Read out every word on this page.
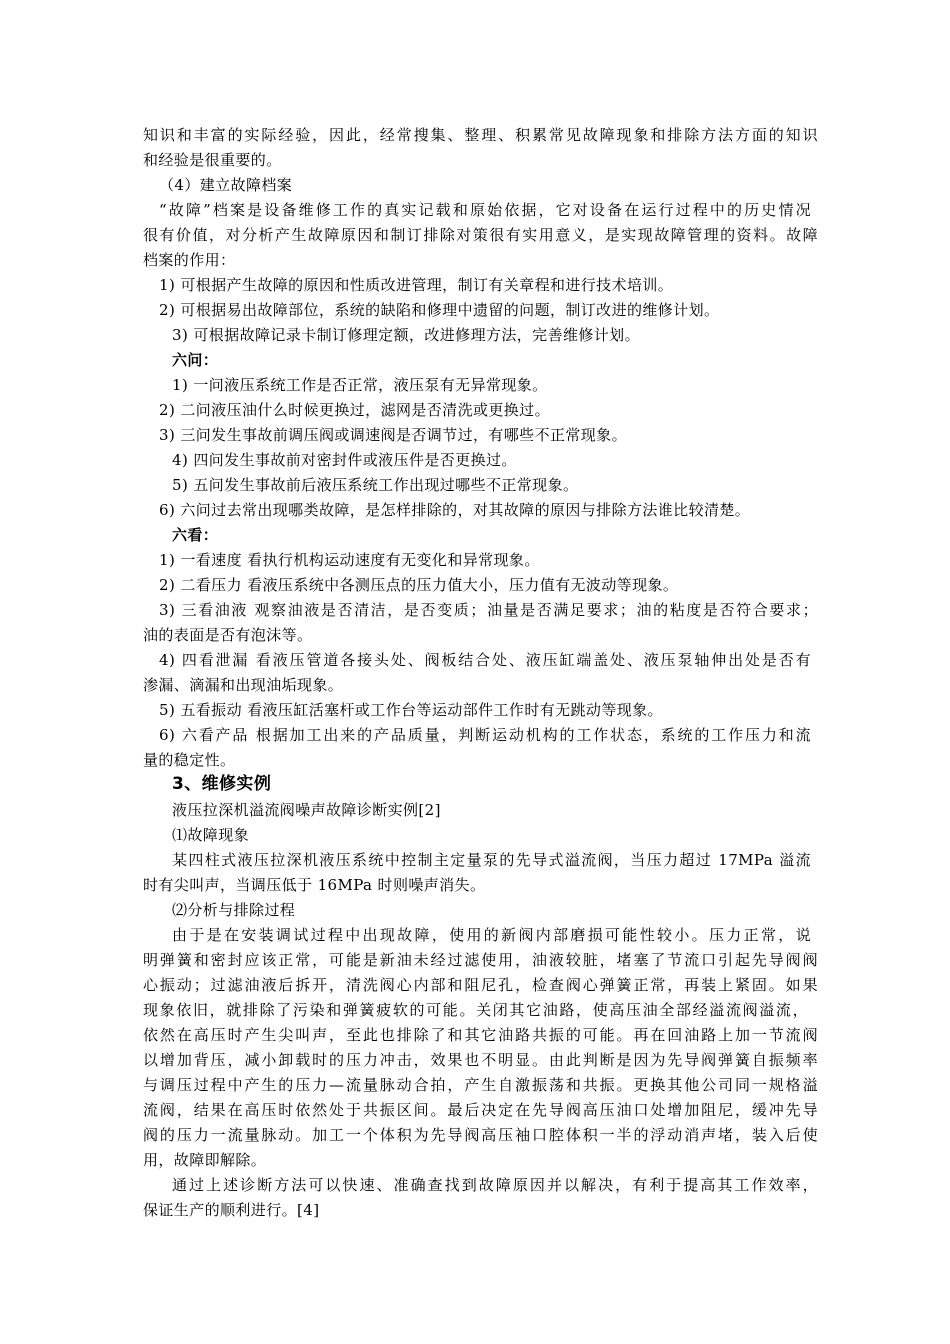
知识和丰富的实际经验，因此，经常搜集、整理、积累常见故障现象和排除方法方面的知识
和经验是很重要的。
（4）建立故障档案
“故障”档案是设备维修工作的真实记载和原始依据，它对设备在运行过程中的历史情况
很有价值，对分析产生故障原因和制订排除对策很有实用意义，是实现故障管理的资料。故障
档案的作用：
1) 可根据产生故障的原因和性质改进管理，制订有关章程和进行技术培训。
2) 可根据易出故障部位，系统的缺陷和修理中遗留的问题，制订改进的维修计划。
3) 可根据故障记录卡制订修理定额，改进修理方法，完善维修计划。
六问：
1) 一问液压系统工作是否正常，液压泵有无异常现象。
2) 二问液压油什么时候更换过，滤网是否清洗或更换过。
3) 三问发生事故前调压阀或调速阀是否调节过，有哪些不正常现象。
4) 四问发生事故前对密封件或液压件是否更换过。
5) 五问发生事故前后液压系统工作出现过哪些不正常现象。
6) 六问过去常出现哪类故障，是怎样排除的，对其故障的原因与排除方法谁比较清楚。
六看：
1) 一看速度 看执行机构运动速度有无变化和异常现象。
2) 二看压力 看液压系统中各测压点的压力值大小，压力值有无波动等现象。
3) 三看油液 观察油液是否清洁，是否变质；油量是否满足要求；油的粘度是否符合要求；
油的表面是否有泡沫等。
4) 四看泄漏 看液压管道各接头处、阀板结合处、液压缸端盖处、液压泵轴伸出处是否有
渗漏、滴漏和出现油垢现象。
5) 五看振动 看液压缸活塞杆或工作台等运动部件工作时有无跳动等现象。
6) 六看产品 根据加工出来的产品质量，判断运动机构的工作状态，系统的工作压力和流
量的稳定性。
3、维修实例
液压拉深机溢流阀噪声故障诊断实例[2]
⑴故障现象
某四柱式液压拉深机液压系统中控制主定量泵的先导式溢流阀，当压力超过 17MPa 溢流
时有尖叫声，当调压低于 16MPa 时则噪声消失。
⑵分析与排除过程
由于是在安装调试过程中出现故障，使用的新阀内部磨损可能性较小。压力正常，说
明弹簧和密封应该正常，可能是新油未经过滤使用，油液较脏，堵塞了节流口引起先导阀阀
心振动；过滤油液后拆开，清洗阀心内部和阻尼孔，检查阀心弹簧正常，再装上紧固。如果
现象依旧，就排除了污染和弹簧疲软的可能。关闭其它油路，使高压油全部经溢流阀溢流，
依然在高压时产生尖叫声，至此也排除了和其它油路共振的可能。再在回油路上加一节流阀
以增加背压，减小卸载时的压力冲击，效果也不明显。由此判断是因为先导阀弹簧自振频率
与调压过程中产生的压力—流量脉动合拍，产生自激振荡和共振。更换其他公司同一规格溢
流阀，结果在高压时依然处于共振区间。最后决定在先导阀高压油口处增加阻尼，缓冲先导
阀的压力一流量脉动。加工一个体积为先导阀高压袖口腔体积一半的浮动消声堵，装入后使
用，故障即解除。
通过上述诊断方法可以快速、准确查找到故障原因并以解决，有利于提高其工作效率，
保证生产的顺利进行。[4]
